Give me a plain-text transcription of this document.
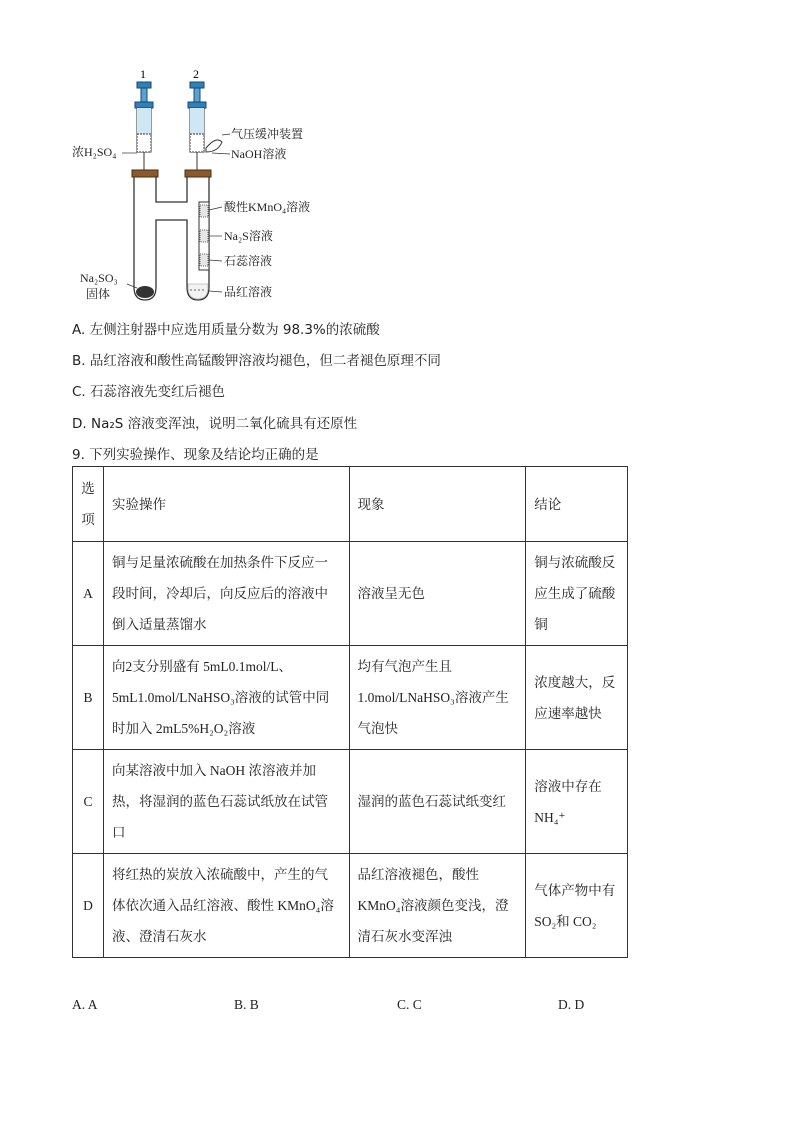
1	2
浓H₂SO₄
气压缓冲装置
NaOH溶液
酸性KMnO₄溶液
Na₂S溶液
石蕊溶液
Na₂SO₃
固体	品红溶液
A. 左侧注射器中应选用质量分数为 98.3%的浓硫酸
B. 品红溶液和酸性高锰酸钾溶液均褪色，但二者褪色原理不同
C. 石蕊溶液先变红后褪色
D. Na₂S 溶液变浑浊，说明二氧化硫具有还原性
9. 下列实验操作、现象及结论均正确的是
选项	实验操作	现象	结论
A	铜与足量浓硫酸在加热条件下反应一段时间，冷却后，向反应后的溶液中倒入适量蒸馏水	溶液呈无色	铜与浓硫酸反应生成了硫酸铜
B	向2支分别盛有 5mL0.1mol/L、5mL1.0mol/LNaHSO₃溶液的试管中同时加入 2mL5%H₂O₂溶液	均有气泡产生且1.0mol/LNaHSO₃溶液产生气泡快	浓度越大，反应速率越快
C	向某溶液中加入 NaOH 浓溶液并加热，将湿润的蓝色石蕊试纸放在试管口	湿润的蓝色石蕊试纸变红	溶液中存在 NH₄⁺
D	将红热的炭放入浓硫酸中，产生的气体依次通入品红溶液、酸性 KMnO₄溶液、澄清石灰水	品红溶液褪色，酸性KMnO₄溶液颜色变浅，澄清石灰水变浑浊	气体产物中有SO₂和 CO₂
A. A	B. B	C. C	D. D
